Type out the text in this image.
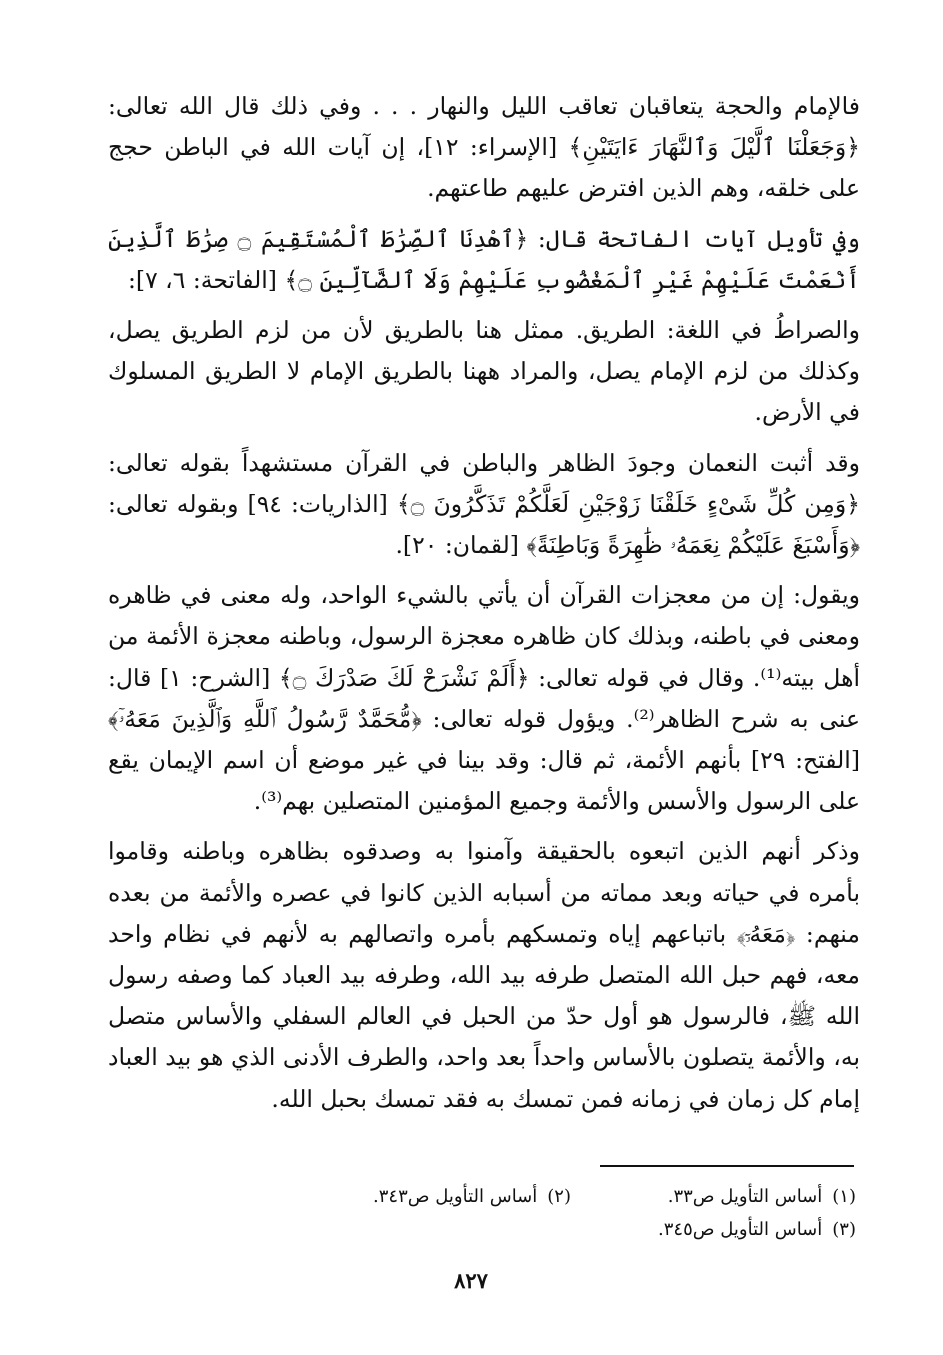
فالإمام والحجة يتعاقبان تعاقب الليل والنهار . . . وفي ذلك قال الله تعالى: ﴿وَجَعَلْنَا ٱلَّيْلَ وَٱلنَّهَارَ ءَايَتَيْنِ﴾ [الإسراء: ١٢]، إن آيات الله في الباطن حجج على خلقه، وهم الذين افترض عليهم طاعتهم.

وفي تأويل آيات الفاتحة قال: ﴿ٱهْدِنَا ٱلصِّرَٰطَ ٱلْمُسْتَقِيمَ ۝ صِرَٰطَ ٱلَّذِينَ أَنْعَمْتَ عَلَيْهِمْ غَيْرِ ٱلْمَغْضُوبِ عَلَيْهِمْ وَلَا ٱلضَّآلِّينَ ۝﴾ [الفاتحة: ٦، ٧]:

والصراطُ في اللغة: الطريق. ممثل هنا بالطريق لأن من لزم الطريق يصل، وكذلك من لزم الإمام يصل، والمراد ههنا بالطريق الإمام لا الطريق المسلوك في الأرض.

وقد أثبت النعمان وجودَ الظاهر والباطن في القرآن مستشهداً بقوله تعالى: ﴿وَمِن كُلِّ شَىْءٍ خَلَقْنَا زَوْجَيْنِ لَعَلَّكُمْ تَذَكَّرُونَ ۝﴾ [الذاريات: ٩٤] وبقوله تعالى: ﴿وَأَسْبَغَ عَلَيْكُمْ نِعَمَهُۥ ظَٰهِرَةً وَبَاطِنَةً﴾ [لقمان: ٢٠].

ويقول: إن من معجزات القرآن أن يأتي بالشيء الواحد، وله معنى في ظاهره ومعنى في باطنه، وبذلك كان ظاهره معجزة الرسول، وباطنه معجزة الأئمة من أهل بيته⁽¹⁾. وقال في قوله تعالى: ﴿أَلَمْ نَشْرَحْ لَكَ صَدْرَكَ ۝﴾ [الشرح: ١] قال: عنى به شرح الظاهر⁽²⁾. ويؤول قوله تعالى: ﴿مُّحَمَّدٌ رَّسُولُ ٱللَّهِ وَٱلَّذِينَ مَعَهُۥٓ﴾ [الفتح: ٢٩] بأنهم الأئمة، ثم قال: وقد بينا في غير موضع أن اسم الإيمان يقع على الرسول والأسس والأئمة وجميع المؤمنين المتصلين بهم⁽³⁾.

وذكر أنهم الذين اتبعوه بالحقيقة وآمنوا به وصدقوه بظاهره وباطنه وقاموا بأمره في حياته وبعد مماته من أسبابه الذين كانوا في عصره والأئمة من بعده منهم: ﴿مَعَهُۥٓ﴾ باتباعهم إياه وتمسكهم بأمره واتصالهم به لأنهم في نظام واحد معه، فهم حبل الله المتصل طرفه بيد الله، وطرفه بيد العباد كما وصفه رسول الله ﷺ، فالرسول هو أول حدّ من الحبل في العالم السفلي والأساس متصل به، والأئمة يتصلون بالأساس واحداً بعد واحد، والطرف الأدنى الذي هو بيد العباد إمام كل زمان في زمانه فمن تمسك به فقد تمسك بحبل الله.

(١)أساس التأويل ص٣٣.
(٢)أساس التأويل ص٣٤٣.
(٣)أساس التأويل ص٣٤٥.
٨٢٧
